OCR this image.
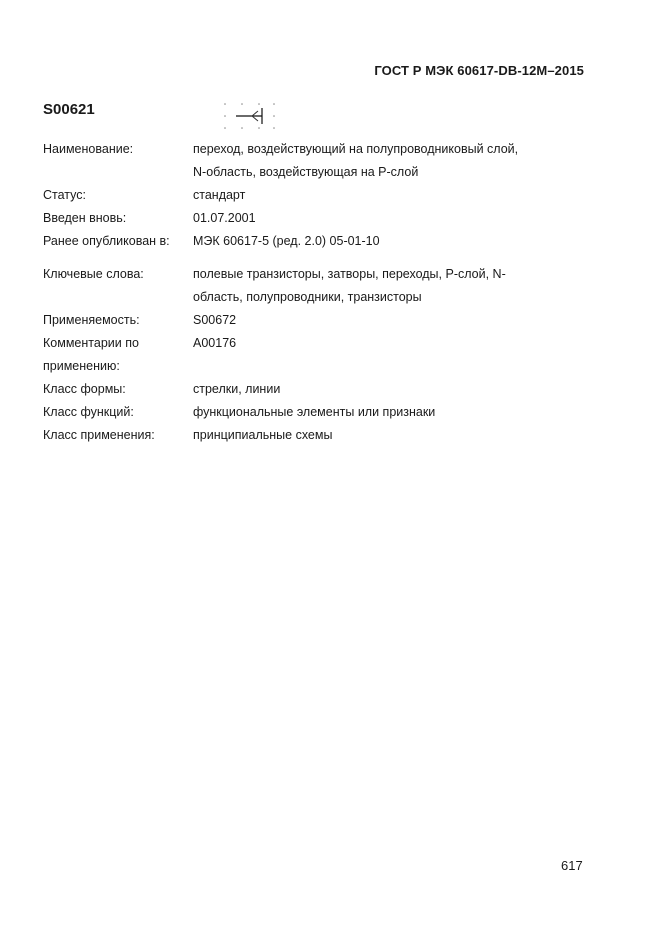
ГОСТ Р МЭК 60617-DB-12M–2015
S00621
Наименование:	переход, воздействующий на полупроводниковый слой,
N-область, воздействующая на Р-слой
Статус:	стандарт
Введен вновь:	01.07.2001
Ранее опубликован в:	МЭК 60617-5 (ред. 2.0) 05-01-10
Ключевые слова:	полевые транзисторы, затворы, переходы, Р-слой, N-
область, полупроводники, транзисторы
Применяемость:	S00672
Комментарии по
применению:
A00176
Класс формы:	стрелки, линии
Класс функций:	функциональные элементы или признаки
Класс применения:	принципиальные схемы
617
